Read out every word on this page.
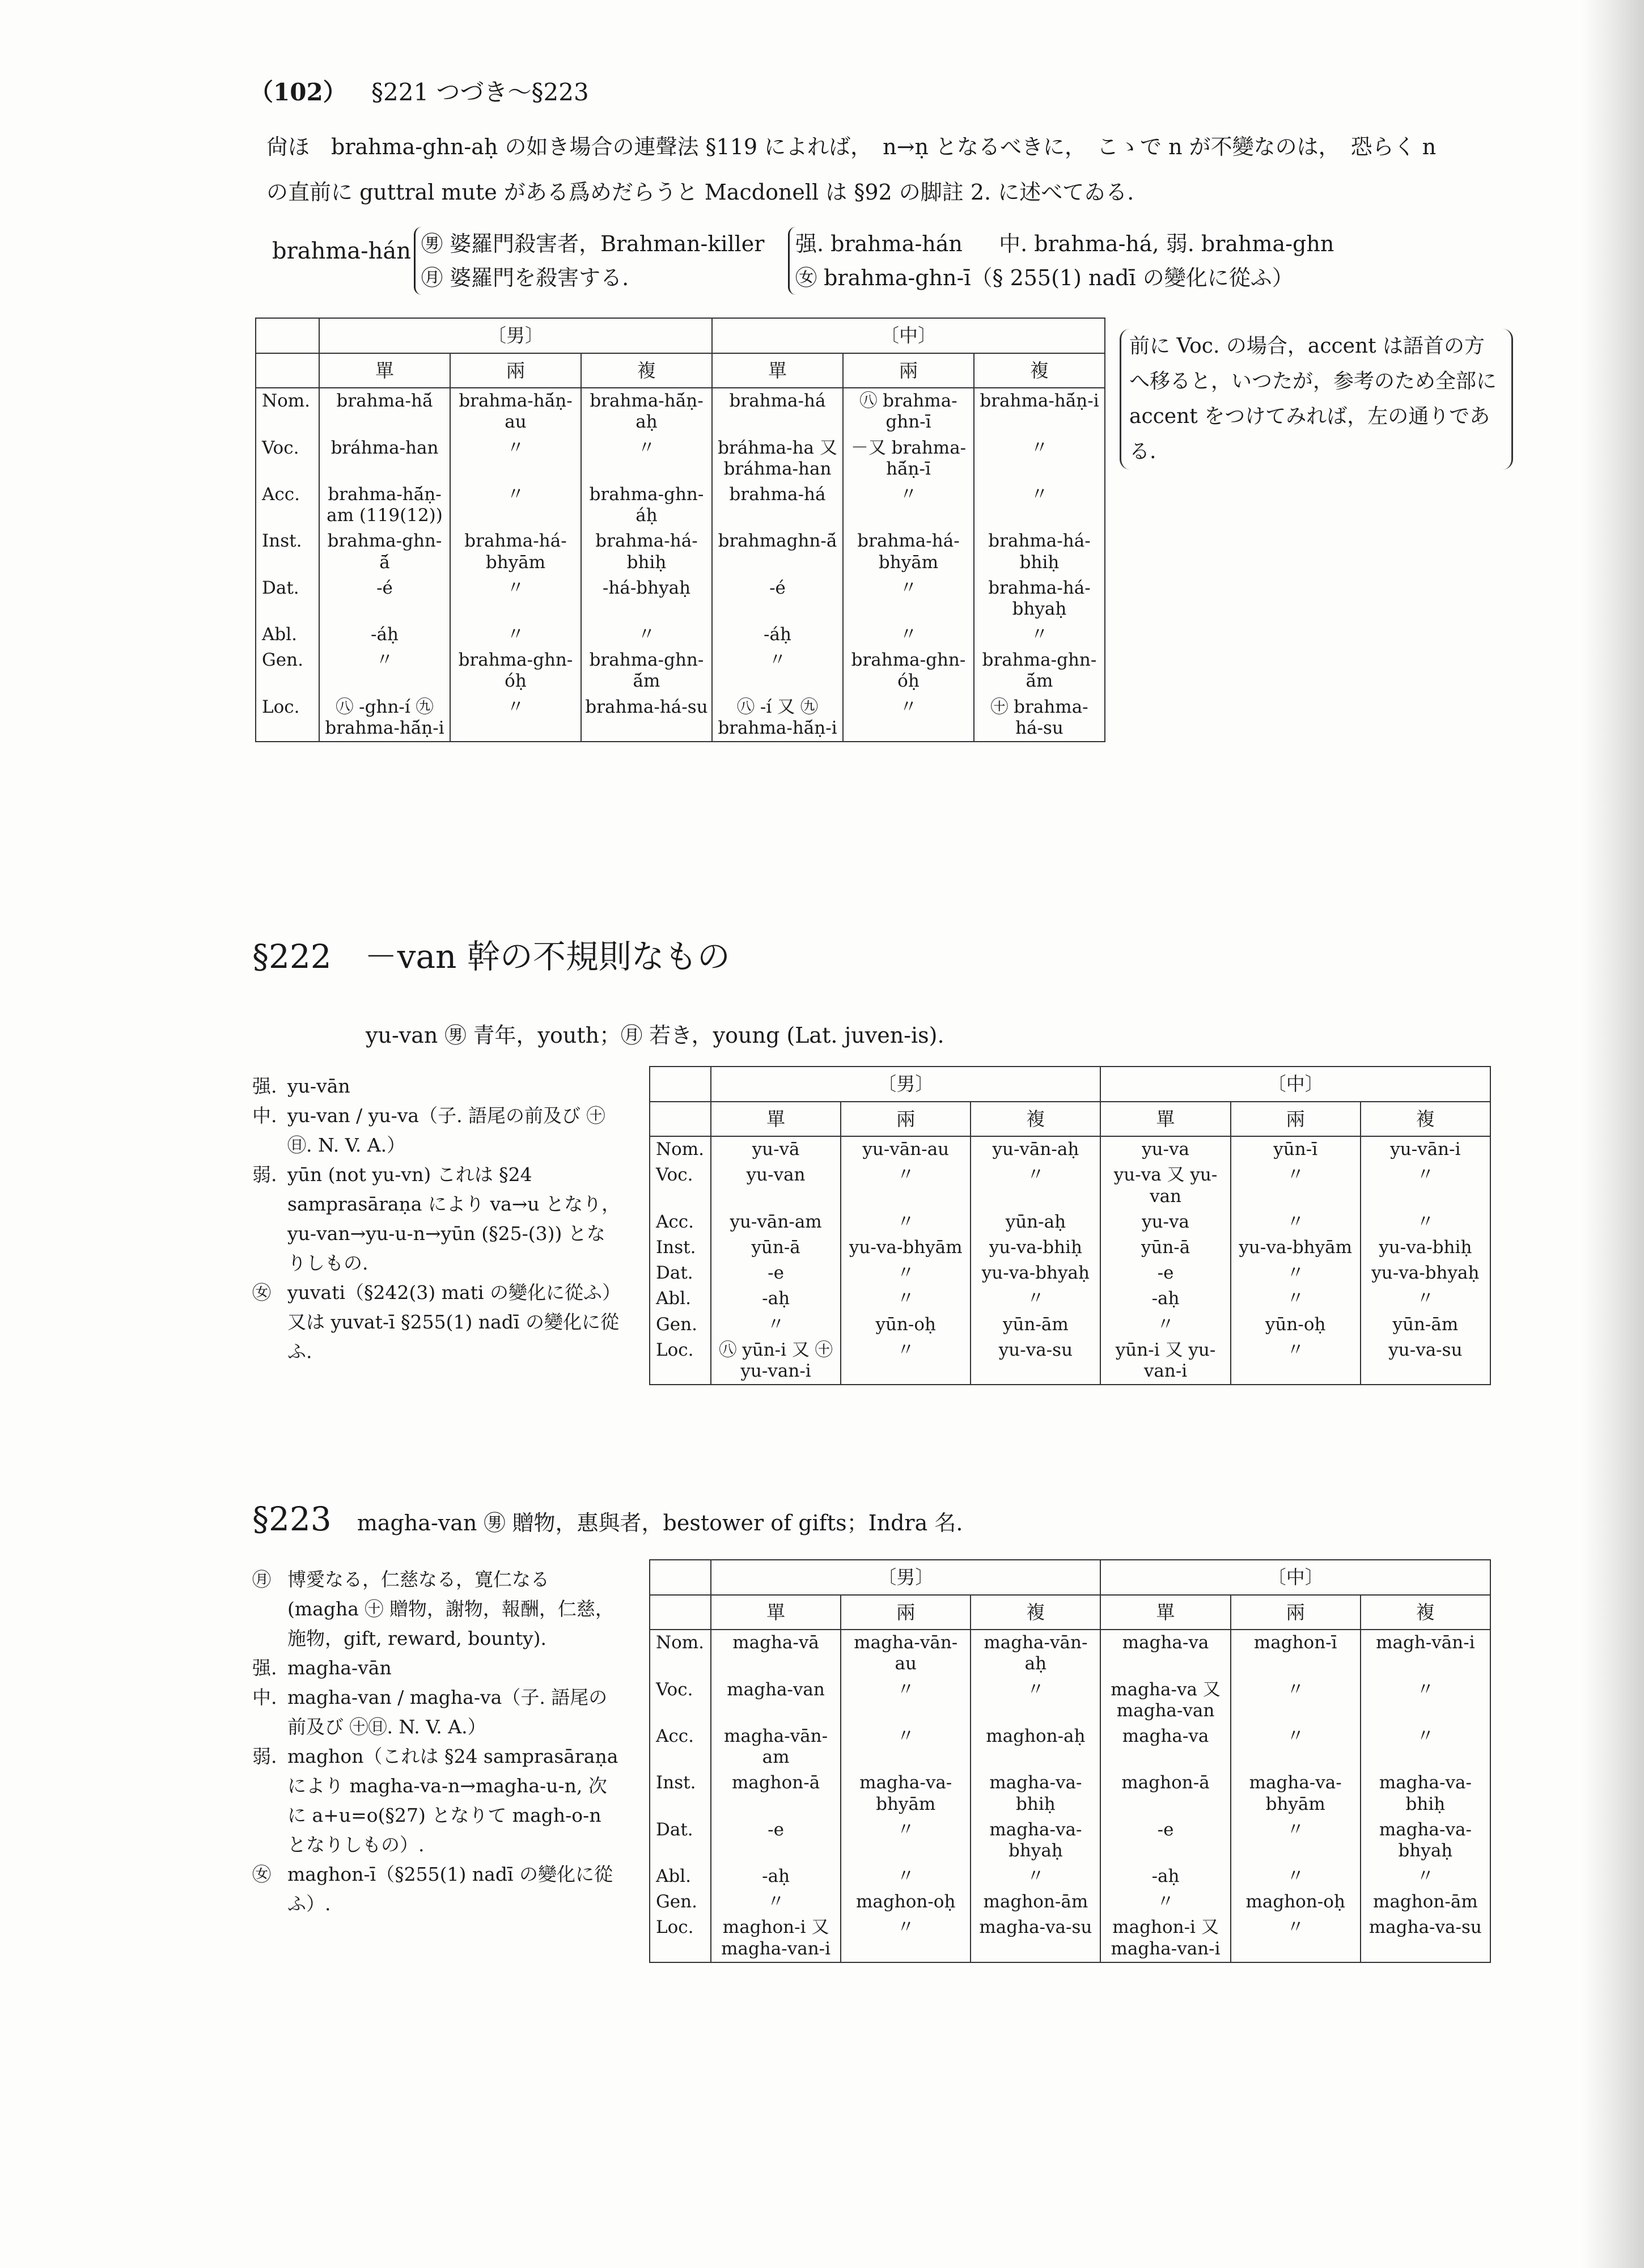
（102） §221 つづき～§223
尙ほ　brahma-ghn-aḥ の如き場合の連聲法 §119 によれば，　n→ṇ となるべきに，　こゝで n が不變なのは，　恐らく n
の直前に guttral mute がある爲めだらうと Macdonell は §92 の脚註 2. に述べてゐる.
brahma-hán ㊚ 婆羅門殺害者，Brahman-killer
㊊ 婆羅門を殺害する.
强. brahma-hán 中. brahma-há, 弱. brahma-ghn
㊛ brahma-ghn-ī（§ 255(1) nadī の變化に從ふ）
	〔男〕			〔中〕		
	單	兩	複	單	兩	複
Nom.	brahma-hā́	brahma-hā́ṇ-au	brahma-hā́ṇ-aḥ	brahma-há	㊇ brahma-ghn-ī	brahma-hā́ṇ-i
Voc.	bráhma-han	〃	〃	bráhma-ha 又 bráhma-han	－又 brahma-hā́ṇ-ī	〃
Acc.	brahma-hā́ṇ-am (119(12))	〃	brahma-ghn-áḥ	brahma-há	〃	〃
Inst.	brahma-ghn-ā́	brahma-há-bhyām	brahma-há-bhiḥ	brahmaghn-ā́	brahma-há-bhyām	brahma-há-bhiḥ
Dat.	-é	〃	-há-bhyaḥ	-é	〃	brahma-há-bhyaḥ
Abl.	-áḥ	〃	〃	-áḥ	〃	〃
Gen.	〃	brahma-ghn-óḥ	brahma-ghn-ā́m	〃	brahma-ghn-óḥ	brahma-ghn-ā́m
Loc.	㊇ -ghn-í ㊈ brahma-hā́ṇ-i	〃	brahma-há-su	㊇ -í 又 ㊈ brahma-hā́ṇ-i	〃	㊉ brahma-há-su
前に Voc. の場合，accent は語首の方へ移ると，いつたが，参考のため全部に accent をつけてみれば，左の通りである.
§222　－van 幹の不規則なもの
yu-van ㊚ 青年，youth；㊊ 若き，young (Lat. juven-is).
强. yu-vān
中. yu-van / yu-va（子. 語尾の前及び ㊉ ㊐. N. V. A.）
弱. yūn (not yu-vn) これは §24 samprasāraṇa により va→u となり，yu-van→yu-u-n→yūn (§25-(3)) となりしもの.
㊛ yuvati（§242(3) mati の變化に從ふ）又は yuvat-ī §255(1) nadī の變化に從ふ.
	〔男〕			〔中〕		
	單	兩	複	單	兩	複
Nom.	yu-vā	yu-vān-au	yu-vān-aḥ	yu-va	yūn-ī	yu-vān-i
Voc.	yu-van	〃	〃	yu-va 又 yu-van	〃	〃
Acc.	yu-vān-am	〃	yūn-aḥ	yu-va	〃	〃
Inst.	yūn-ā	yu-va-bhyām	yu-va-bhiḥ	yūn-ā	yu-va-bhyām	yu-va-bhiḥ
Dat.	-e	〃	yu-va-bhyaḥ	-e	〃	yu-va-bhyaḥ
Abl.	-aḥ	〃	〃	-aḥ	〃	〃
Gen.	〃	yūn-oḥ	yūn-ām	〃	yūn-oḥ	yūn-ām
Loc.	㊇ yūn-i 又 ㊉ yu-van-i	〃	yu-va-su	yūn-i 又 yu-van-i	〃	yu-va-su
§223 magha-van ㊚ 贈物，惠與者，bestower of gifts；Indra 名.
㊊ 博愛なる，仁慈なる，寛仁なる (magha ㊉ 贈物，謝物，報酬，仁慈，施物，gift, reward, bounty).
强. magha-vān
中. magha-van / magha-va（子. 語尾の前及び ㊉㊐. N. V. A.）
弱. maghon（これは §24 samprasāraṇa により magha-va-n→magha-u-n, 次に a+u=o(§27) となりて magh-o-n となりしもの）.
㊛ maghon-ī（§255(1) nadī の變化に從ふ）.
	〔男〕			〔中〕		
	單	兩	複	單	兩	複
Nom.	magha-vā	magha-vān-au	magha-vān-aḥ	magha-va	maghon-ī	magh-vān-i
Voc.	magha-van	〃	〃	magha-va 又 magha-van	〃	〃
Acc.	magha-vān-am	〃	maghon-aḥ	magha-va	〃	〃
Inst.	maghon-ā	magha-va-bhyām	magha-va-bhiḥ	maghon-ā	magha-va-bhyām	magha-va-bhiḥ
Dat.	-e	〃	magha-va-bhyaḥ	-e	〃	magha-va-bhyaḥ
Abl.	-aḥ	〃	〃	-aḥ	〃	〃
Gen.	〃	maghon-oḥ	maghon-ām	〃	maghon-oḥ	maghon-ām
Loc.	maghon-i 又 magha-van-i	〃	magha-va-su	maghon-i 又 magha-van-i	〃	magha-va-su
